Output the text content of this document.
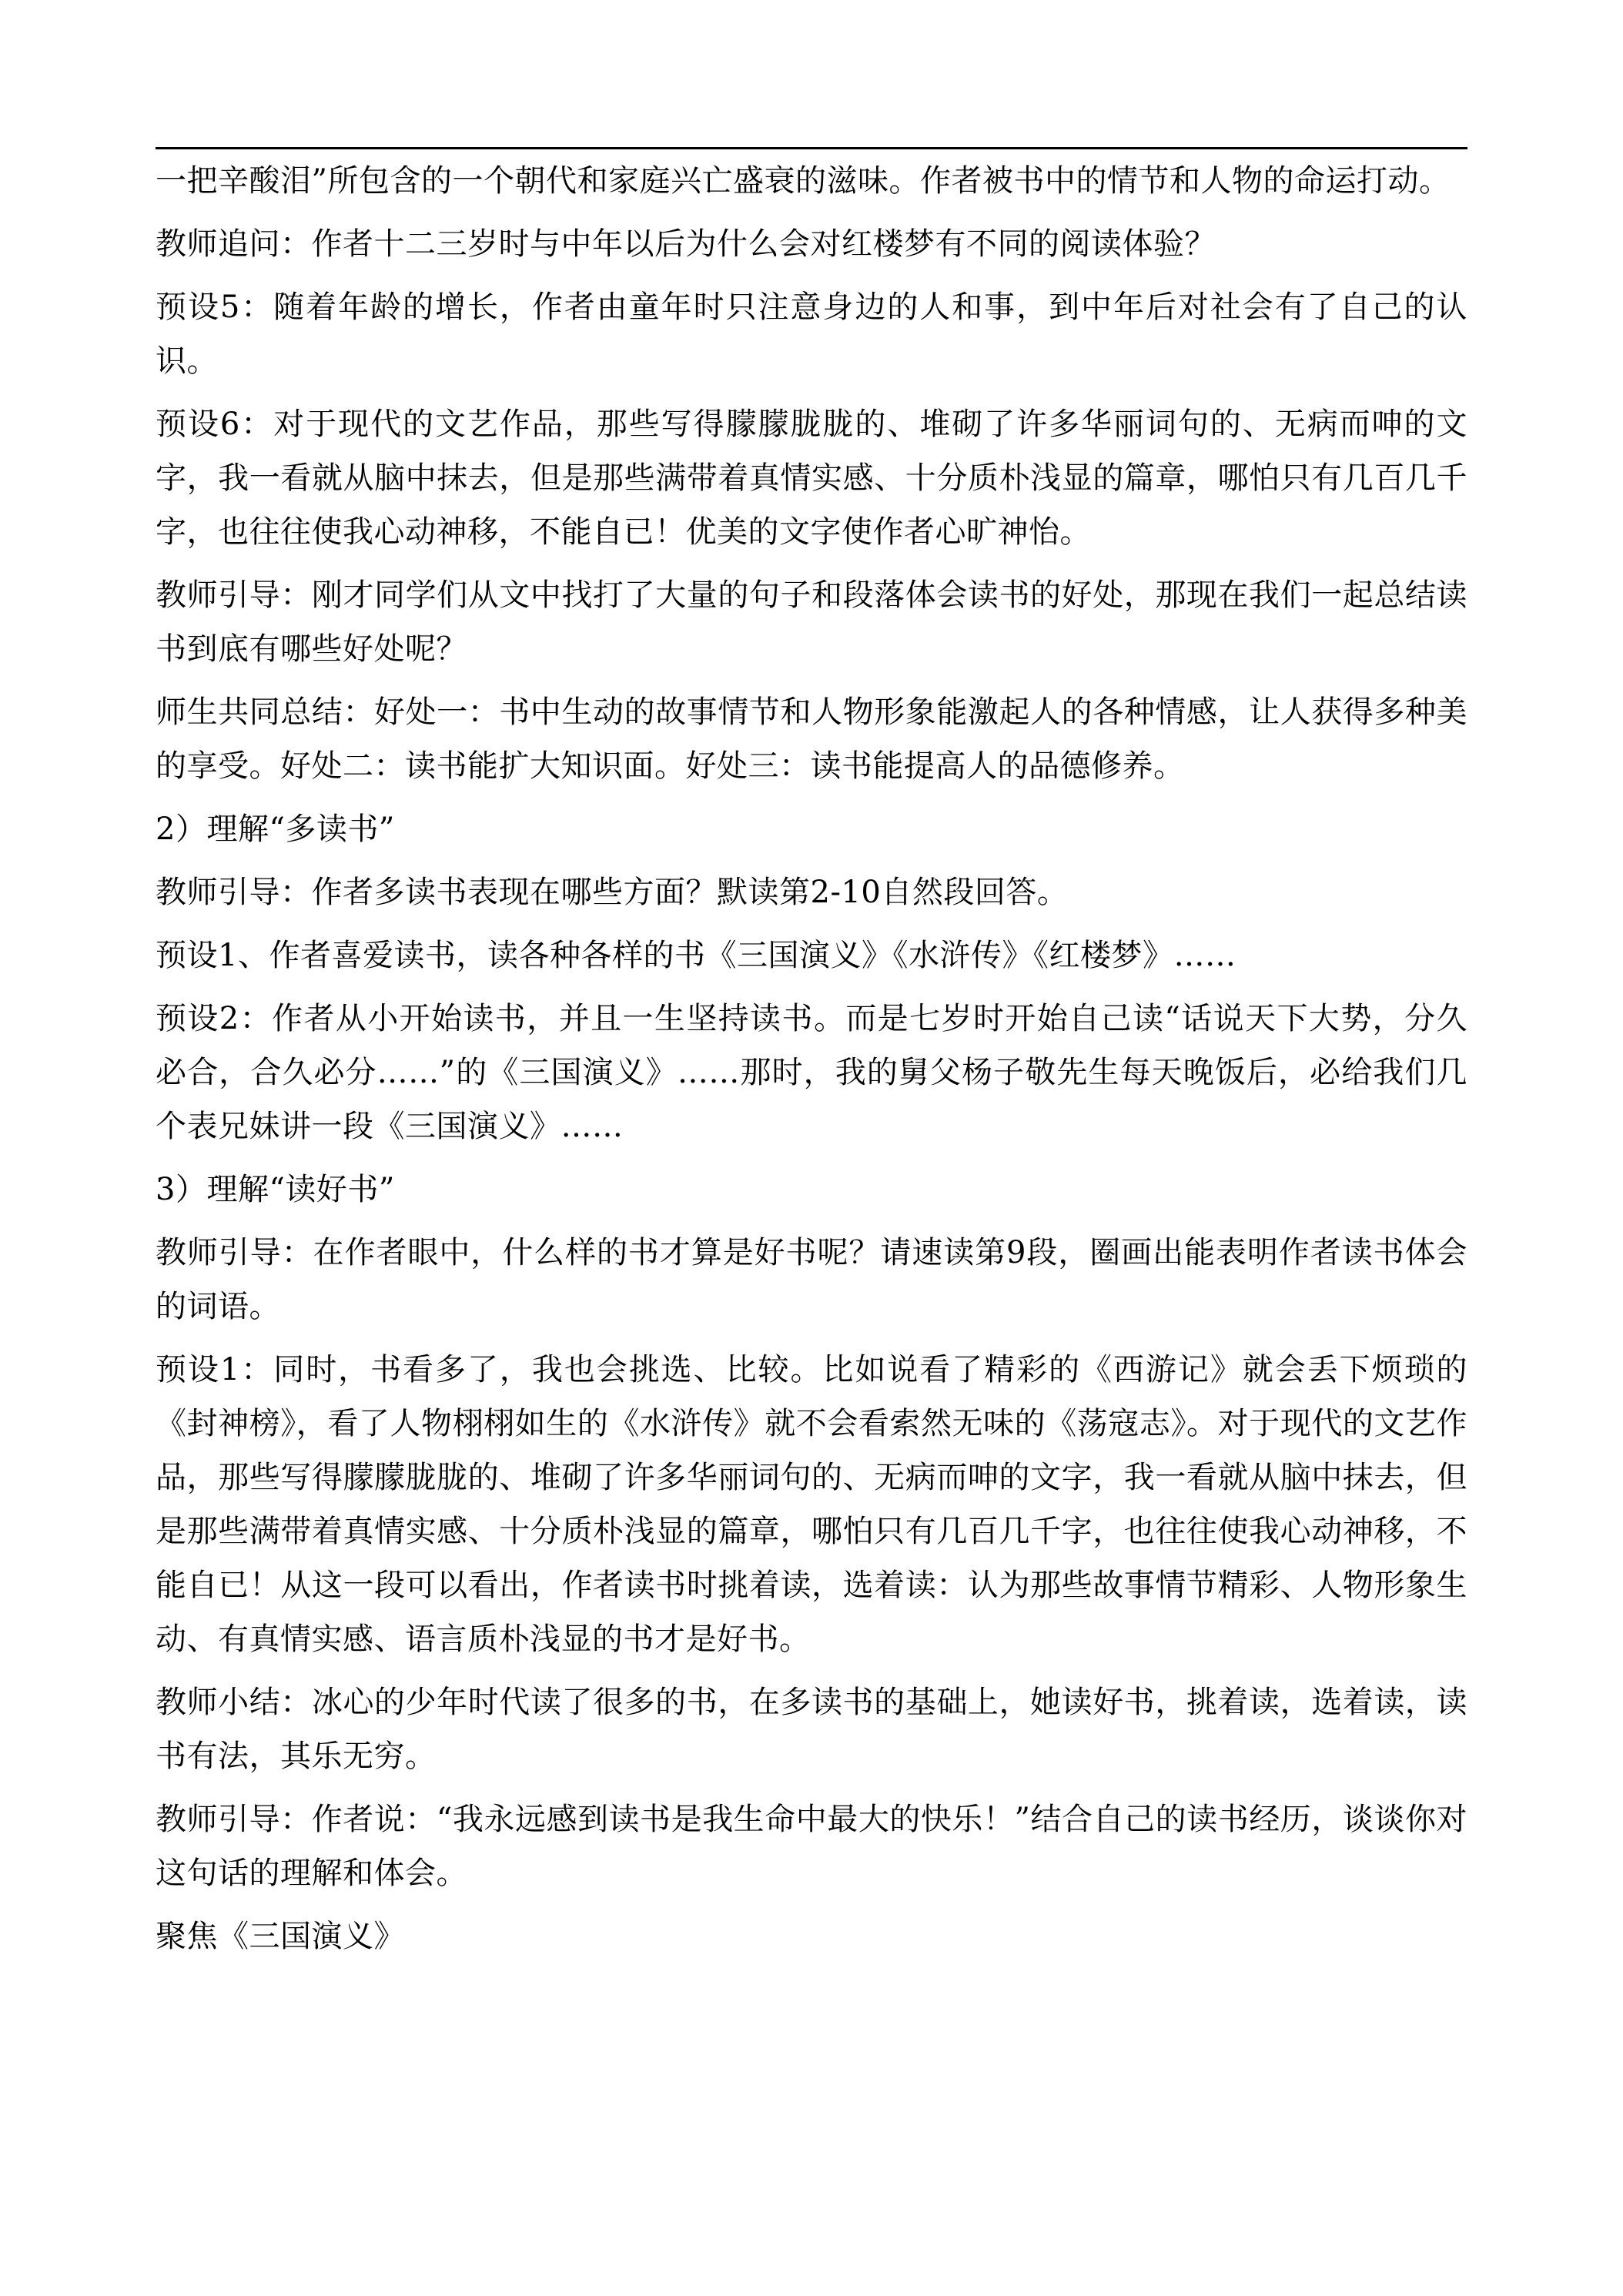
一把辛酸泪”所包含的一个朝代和家庭兴亡盛衰的滋味。作者被书中的情节和人物的命运打动。

教师追问：作者十二三岁时与中年以后为什么会对红楼梦有不同的阅读体验？

预设5：随着年龄的增长，作者由童年时只注意身边的人和事，到中年后对社会有了自己的认识。

预设6：对于现代的文艺作品，那些写得朦朦胧胧的、堆砌了许多华丽词句的、无病而呻的文字，我一看就从脑中抹去，但是那些满带着真情实感、十分质朴浅显的篇章，哪怕只有几百几千字，也往往使我心动神移，不能自已！优美的文字使作者心旷神怡。

教师引导：刚才同学们从文中找打了大量的句子和段落体会读书的好处，那现在我们一起总结读书到底有哪些好处呢？

师生共同总结：好处一：书中生动的故事情节和人物形象能激起人的各种情感，让人获得多种美的享受。好处二：读书能扩大知识面。好处三：读书能提高人的品德修养。

2）理解“多读书”

教师引导：作者多读书表现在哪些方面？默读第2-10自然段回答。

预设1、作者喜爱读书，读各种各样的书《三国演义》《水浒传》《红楼梦》……

预设2：作者从小开始读书，并且一生坚持读书。而是七岁时开始自己读“话说天下大势，分久必合，合久必分……”的《三国演义》……那时，我的舅父杨子敬先生每天晚饭后，必给我们几个表兄妹讲一段《三国演义》……

3）理解“读好书”

教师引导：在作者眼中，什么样的书才算是好书呢？请速读第9段，圈画出能表明作者读书体会的词语。

预设1：同时，书看多了，我也会挑选、比较。比如说看了精彩的《西游记》就会丢下烦琐的《封神榜》，看了人物栩栩如生的《水浒传》就不会看索然无味的《荡寇志》。对于现代的文艺作品，那些写得朦朦胧胧的、堆砌了许多华丽词句的、无病而呻的文字，我一看就从脑中抹去，但是那些满带着真情实感、十分质朴浅显的篇章，哪怕只有几百几千字，也往往使我心动神移，不能自已！从这一段可以看出，作者读书时挑着读，选着读：认为那些故事情节精彩、人物形象生动、有真情实感、语言质朴浅显的书才是好书。

教师小结：冰心的少年时代读了很多的书，在多读书的基础上，她读好书，挑着读，选着读，读书有法，其乐无穷。

教师引导：作者说：“我永远感到读书是我生命中最大的快乐！”结合自己的读书经历，谈谈你对这句话的理解和体会。

聚焦《三国演义》
